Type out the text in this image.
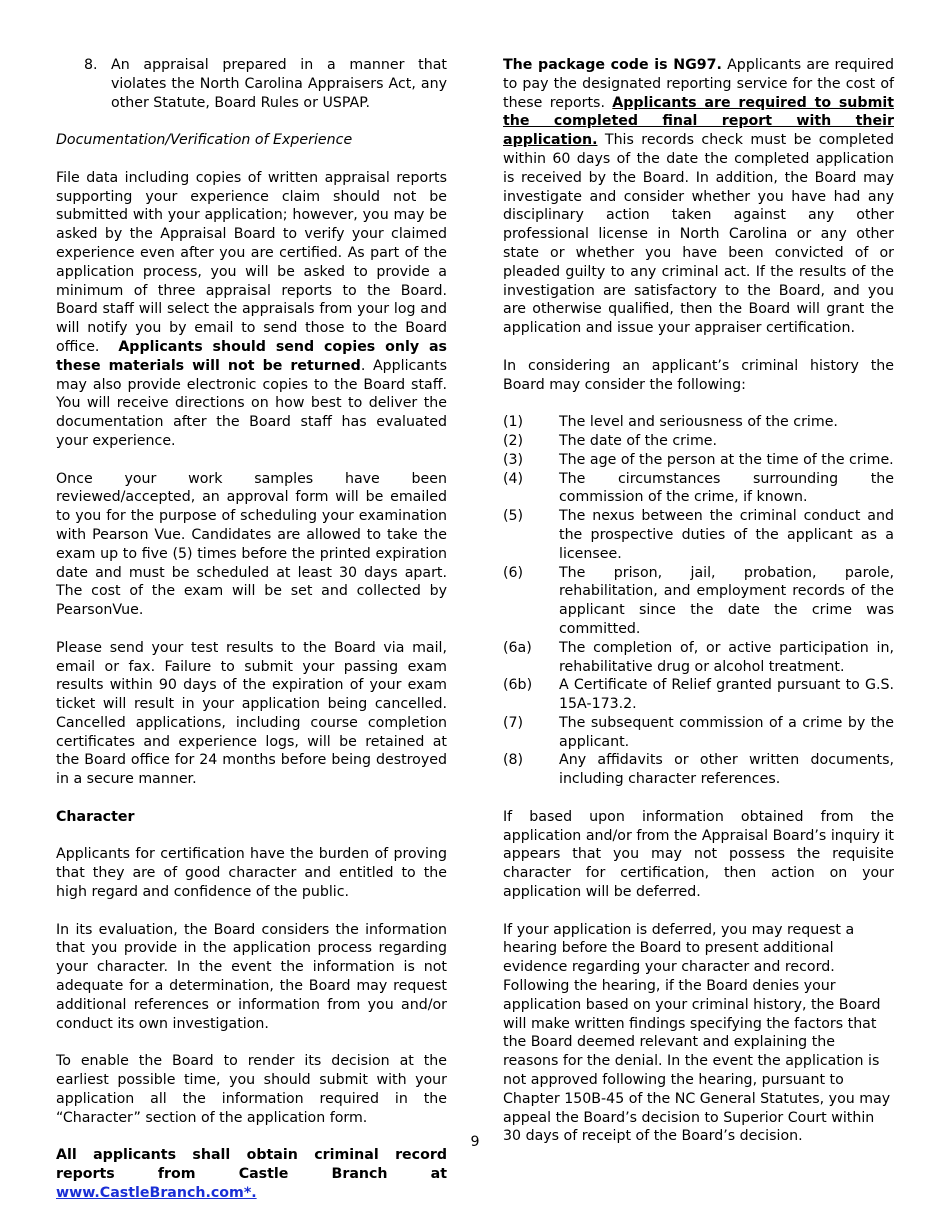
8. An appraisal prepared in a manner that violates the North Carolina Appraisers Act, any other Statute, Board Rules or USPAP.

Documentation/Verification of Experience

File data including copies of written appraisal reports supporting your experience claim should not be submitted with your application; however, you may be asked by the Appraisal Board to verify your claimed experience even after you are certified. As part of the application process, you will be asked to provide a minimum of three appraisal reports to the Board. Board staff will select the appraisals from your log and will notify you by email to send those to the Board office. Applicants should send copies only as these materials will not be returned. Applicants may also provide electronic copies to the Board staff. You will receive directions on how best to deliver the documentation after the Board staff has evaluated your experience.

Once your work samples have been reviewed/accepted, an approval form will be emailed to you for the purpose of scheduling your examination with Pearson Vue. Candidates are allowed to take the exam up to five (5) times before the printed expiration date and must be scheduled at least 30 days apart. The cost of the exam will be set and collected by PearsonVue.

Please send your test results to the Board via mail, email or fax. Failure to submit your passing exam results within 90 days of the expiration of your exam ticket will result in your application being cancelled. Cancelled applications, including course completion certificates and experience logs, will be retained at the Board office for 24 months before being destroyed in a secure manner.

Character

Applicants for certification have the burden of proving that they are of good character and entitled to the high regard and confidence of the public.

In its evaluation, the Board considers the information that you provide in the application process regarding your character. In the event the information is not adequate for a determination, the Board may request additional references or information from you and/or conduct its own investigation.

To enable the Board to render its decision at the earliest possible time, you should submit with your application all the information required in the “Character” section of the application form.

All applicants shall obtain criminal record reports from Castle Branch at www.CastleBranch.com*.

The package code is NG97. Applicants are required to pay the designated reporting service for the cost of these reports. Applicants are required to submit the completed final report with their application. This records check must be completed within 60 days of the date the completed application is received by the Board. In addition, the Board may investigate and consider whether you have had any disciplinary action taken against any other professional license in North Carolina or any other state or whether you have been convicted of or pleaded guilty to any criminal act. If the results of the investigation are satisfactory to the Board, and you are otherwise qualified, then the Board will grant the application and issue your appraiser certification.

In considering an applicant’s criminal history the Board may consider the following:

(1)	The level and seriousness of the crime.
(2)	The date of the crime.
(3)	The age of the person at the time of the crime.
(4)	The circumstances surrounding the commission of the crime, if known.
(5)	The nexus between the criminal conduct and the prospective duties of the applicant as a licensee.
(6)	The prison, jail, probation, parole, rehabilitation, and employment records of the applicant since the date the crime was committed.
(6a)	The completion of, or active participation in, rehabilitative drug or alcohol treatment.
(6b)	A Certificate of Relief granted pursuant to G.S. 15A-173.2.
(7)	The subsequent commission of a crime by the applicant.
(8)	Any affidavits or other written documents, including character references.

If based upon information obtained from the application and/or from the Appraisal Board’s inquiry it appears that you may not possess the requisite character for certification, then action on your application will be deferred.

If your application is deferred, you may request a hearing before the Board to present additional evidence regarding your character and record. Following the hearing, if the Board denies your application based on your criminal history, the Board will make written findings specifying the factors that the Board deemed relevant and explaining the reasons for the denial. In the event the application is not approved following the hearing, pursuant to Chapter 150B-45 of the NC General Statutes, you may appeal the Board’s decision to Superior Court within 30 days of receipt of the Board’s decision.

9
